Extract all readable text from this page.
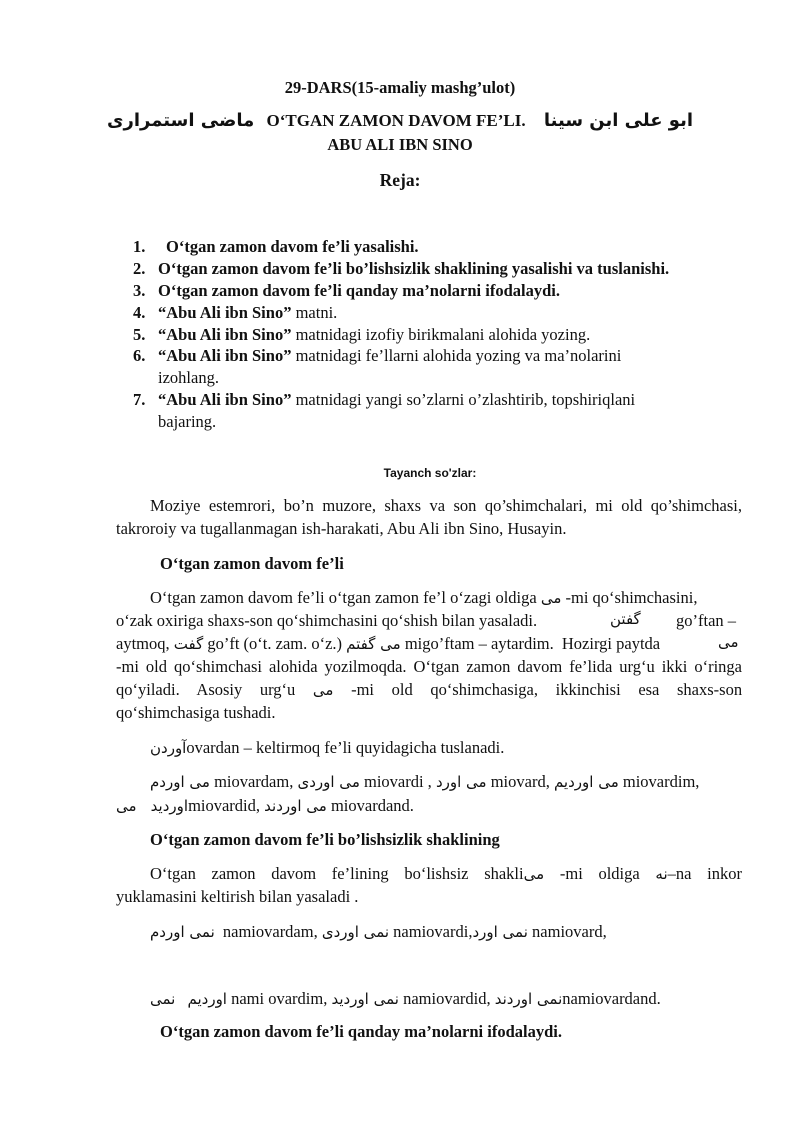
29-DARS(15-amaliy mashg’ulot)
ماضی استمراری O‘TGAN ZAMON DAVOM FE’LI. ابو علی ابن سینا
ABU ALI IBN SINO
Reja:
1. O‘tgan zamon davom fe’li yasalishi.
2. O‘tgan zamon davom fe’li bo’lishsizlik shaklining yasalishi va tuslanishi.
3. O‘tgan zamon davom fe’li qanday ma’nolarni ifodalaydi.
4. “Abu Ali ibn Sino” matni.
5. “Abu Ali ibn Sino” matnidagi izofiy birikmalani alohida yozing.
6. “Abu Ali ibn Sino” matnidagi fe’llarni alohida yozing va ma’nolarini
izohlang.
7. “Abu Ali ibn Sino” matnidagi yangi so’zlarni o’zlashtirib, topshiriqlani
bajaring.
Tayanch so'zlar:
Moziye estemrori, bo’n muzore, shaxs va son qo’shimchalari, mi old qo’shimchasi,
takroroiy va tugallanmagan ish-harakati, Abu Ali ibn Sino, Husayin.
O‘tgan zamon davom fe’li
O‘tgan zamon davom fe’li o‘tgan zamon fe’l o‘zagi oldiga می -mi qo‘shimchasini,
o‘zak oxiriga shaxs-son qo‘shimchasini qo‘shish bilan yasaladi.	گفتن go’ftan –
aytmoq, گفت go’ft (o‘t. zam. o‘z.) می گفتم migo’ftam – aytardim. Hozirgi paytda	می
-mi old qo‘shimchasi alohida yozilmoqda. O‘tgan zamon davom fe’lida urg‘u ikki o‘ringa
qo‘yiladi. Asosiy urg‘u می -mi old qo‘shimchasiga, ikkinchisi esa shaxs-son
qo‘shimchasiga tushadi.
آوردنovardan – keltirmoq fe’li quyidagicha tuslanadi.
می اوردم miovardam, می اوردی miovardi , می اورد miovard, می اوردیم miovardim,
می اوردیدmiovardid, می اوردند miovardand.
O‘tgan zamon davom fe’li bo’lishsizlik shaklining
O‘tgan zamon davom fe’lining bo‘lishsiz shakliمی -mi oldiga نه–na inkor
yuklamasini keltirish bilan yasaladi .
نمی اوردم namiovardam, نمی اوردی namiovardi,نمی اورد namiovard,
نمی اوردیم nami ovardim, نمی اوردید namiovardid, نمی اوردندnamiovardand.
O‘tgan zamon davom fe’li qanday ma’nolarni ifodalaydi.
